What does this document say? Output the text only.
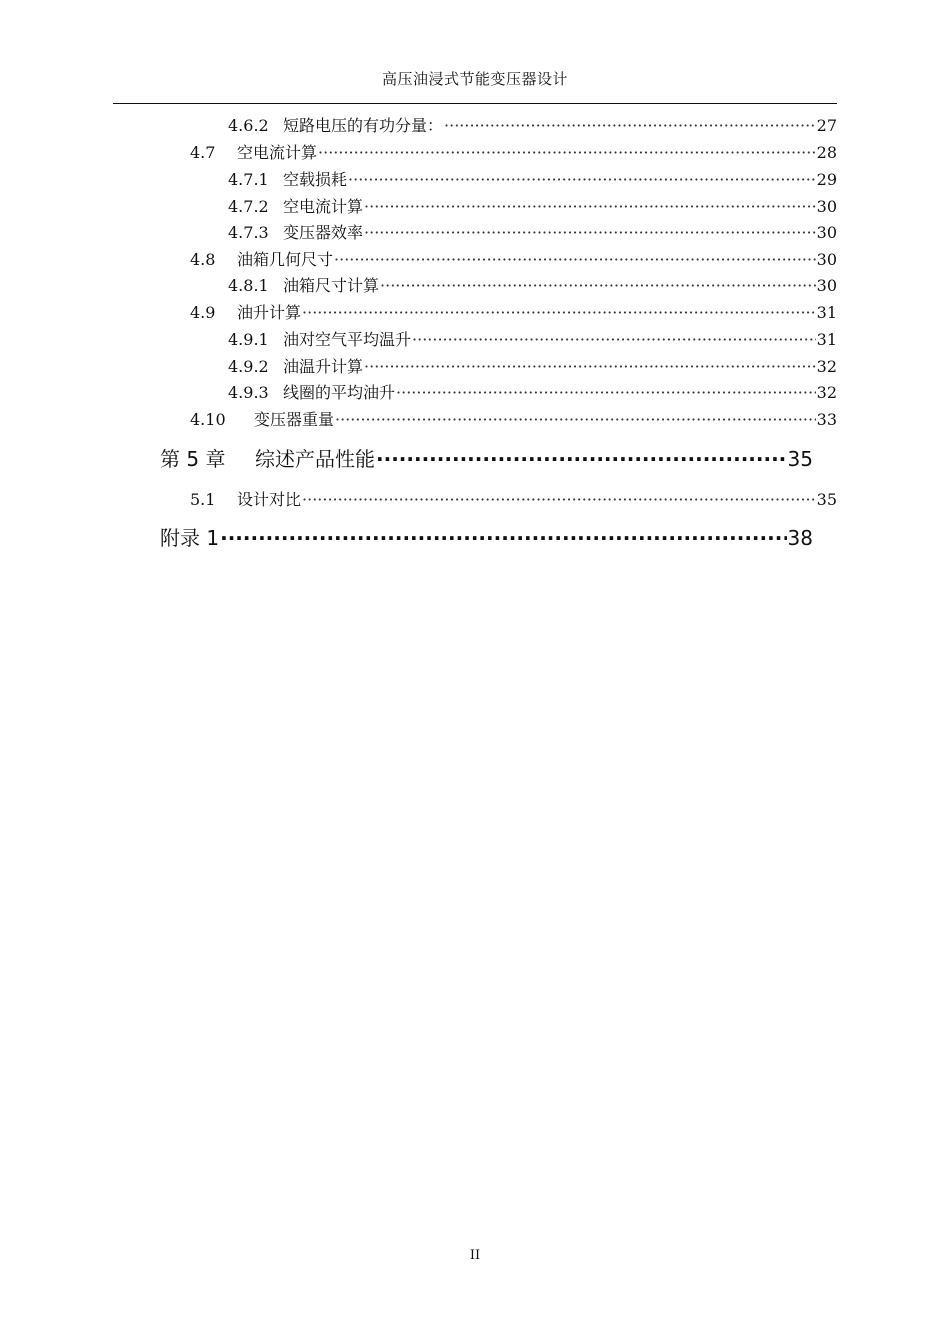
高压油浸式节能变压器设计
4.6.2 短路电压的有功分量： ·····	27
4.7	空电流计算 ·····	28
4.7.1 空载损耗 ·····	29
4.7.2 空电流计算 ·····	30
4.7.3 变压器效率 ·····	30
4.8	油箱几何尺寸 ·····	30
4.8.1 油箱尺寸计算 ·····	30
4.9	油升计算 ·····	31
4.9.1 油对空气平均温升 ·····	31
4.9.2 油温升计算 ·····	32
4.9.3 线圈的平均油升 ·····	32
4.10	变压器重量 ·····	33
第 5 章	综述产品性能 ·····	35
5.1	设计对比 ·····	35
附录 1 ·····	38
II
